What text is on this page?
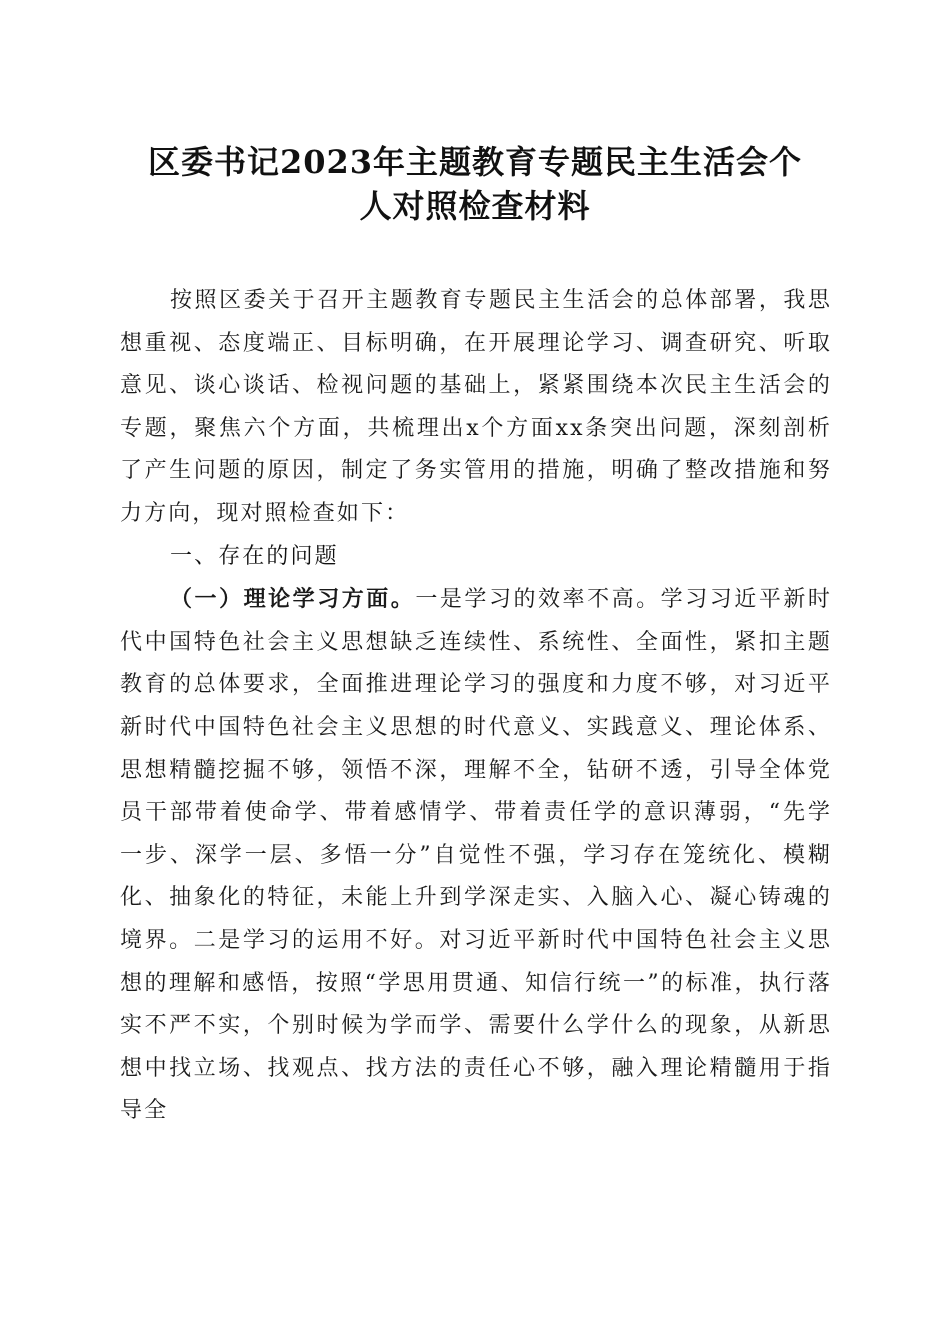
区委书记2023年主题教育专题民主生活会个
人对照检查材料

按照区委关于召开主题教育专题民主生活会的总体部署，我思想重视、态度端正、目标明确，在开展理论学习、调查研究、听取意见、谈心谈话、检视问题的基础上，紧紧围绕本次民主生活会的专题，聚焦六个方面，共梳理出x个方面xx条突出问题，深刻剖析了产生问题的原因，制定了务实管用的措施，明确了整改措施和努力方向，现对照检查如下：

一、存在的问题

（一）理论学习方面。一是学习的效率不高。学习习近平新时代中国特色社会主义思想缺乏连续性、系统性、全面性，紧扣主题教育的总体要求，全面推进理论学习的强度和力度不够，对习近平新时代中国特色社会主义思想的时代意义、实践意义、理论体系、思想精髓挖掘不够，领悟不深，理解不全，钻研不透，引导全体党员干部带着使命学、带着感情学、带着责任学的意识薄弱，“先学一步、深学一层、多悟一分”自觉性不强，学习存在笼统化、模糊化、抽象化的特征，未能上升到学深走实、入脑入心、凝心铸魂的境界。二是学习的运用不好。对习近平新时代中国特色社会主义思想的理解和感悟，按照“学思用贯通、知信行统一”的标准，执行落实不严不实，个别时候为学而学、需要什么学什么的现象，从新思想中找立场、找观点、找方法的责任心不够，融入理论精髓用于指导全
